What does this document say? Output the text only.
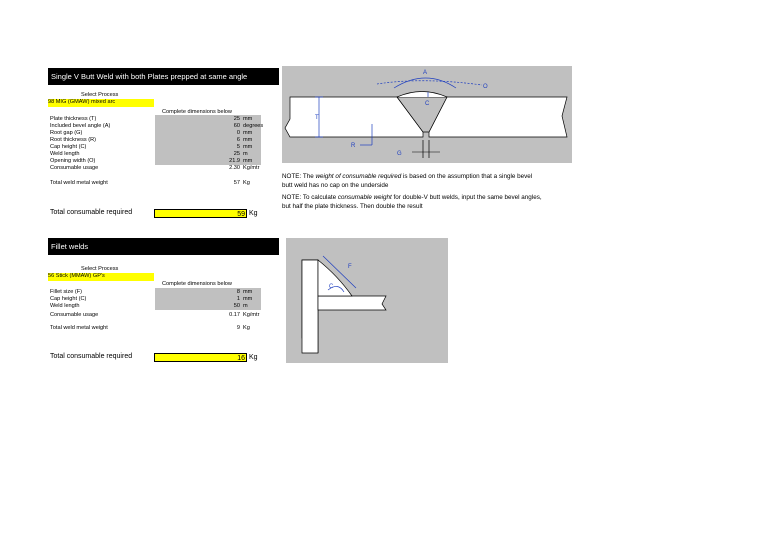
Single V Butt Weld with both Plates prepped at same angle
Select Process
98 MIG (GMAW) mixed arc
Complete dimensions below
Plate thickness (T)	25 mm
Included bevel angle (A)	60 degrees
Root gap (G)	0 mm
Root thickness (R)	6 mm
Cap height (C)	5 mm
Weld length	25 m
Opening width (O)	21.9 mm
Consumable usage	2.30 Kg/mtr
Total weld metal weight	57 Kg
Total consumable required	59 Kg
A
O
C
T
R
G
NOTE: The weight of consumable required is based on the assumption that a single bevel
butt weld has no cap on the underside
NOTE: To calculate consumable weight for double-V butt welds, input the same bevel angles,
but half the plate thickness. Then double the result
Fillet welds
Select Process
56 Stick (MMAW) GP's
Complete dimensions below
Fillet size (F)	8 mm
Cap height (C)	1 mm
Weld length	50 m
Consumable usage	0.17 Kg/mtr
Total weld metal weight	9 Kg
Total consumable required	16 Kg
F
C
